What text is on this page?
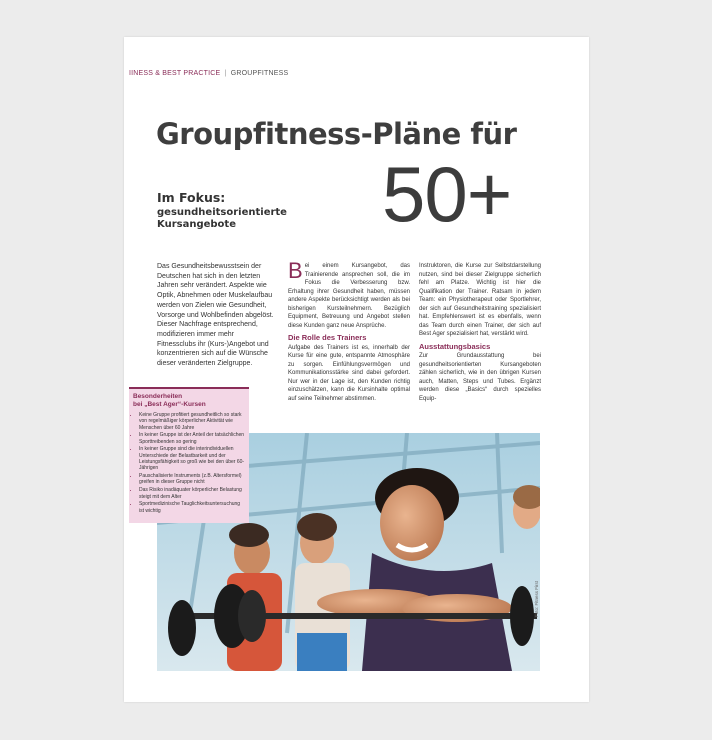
IINESS & BEST PRACTICE | GROUPFITNESS
Groupfitness-Pläne für
50+
Im Fokus:
gesundheitsorientierte Kursangebote
Das Gesundheitsbewusstsein der Deutschen hat sich in den letzten Jahren sehr verändert. Aspekte wie Optik, Abnehmen oder Muskelaufbau werden von Zielen wie Gesundheit, Vorsorge und Wohlbefinden abgelöst. Dieser Nachfrage entsprechend, modifizieren immer mehr Fitnessclubs ihr (Kurs-)Angebot und konzentrieren sich auf die Wünsche dieser veränderten Zielgruppe.

Bei einem Kursangebot, das Trainierende ansprechen soll, die im Fokus die Verbesserung bzw. Erhaltung ihrer Gesundheit haben, müssen andere Aspekte berücksichtigt werden als bei bisherigen Kursteilnehmern. Bezüglich Equipment, Betreuung und Angebot stellen diese Kunden ganz neue Ansprüche.

Die Rolle des Trainers

Aufgabe des Trainers ist es, innerhalb der Kurse für eine gute, entspannte Atmosphäre zu sorgen. Einfühlungsvermögen und Kommunikationsstärke sind dabei gefordert. Nur wer in der Lage ist, den Kunden richtig einzuschätzen, kann die Kursinhalte optimal auf seine Teilnehmer abstimmen.

Instruktoren, die Kurse zur Selbstdarstellung nutzen, sind bei dieser Zielgruppe sicherlich fehl am Platze. Wichtig ist hier die Qualifikation der Trainer. Ratsam in jedem Team: ein Physiotherapeut oder Sportlehrer, der sich auf Gesundheitstraining spezialisiert hat. Empfehlenswert ist es ebenfalls, wenn das Team durch einen Trainer, der sich auf Best Ager spezialisiert hat, verstärkt wird.

Ausstattungsbasics

Zur Grundausstattung bei gesundheitsorientierten Kursangeboten zählen sicherlich, wie in den übrigen Kursen auch, Matten, Steps und Tubes. Ergänzt werden diese „Basics“ durch spezielles Equip-

Foto: Fitness First
Besonderheiten
bei „Best Ager“-Kursen
• Keine Gruppe profitiert gesundheitlich so stark von regelmäßiger körperlicher Aktivität wie Menschen über 60 Jahre
• In keiner Gruppe ist der Anteil der tatsächlichen Sporttreibenden so gering
• In keiner Gruppe sind die interindividuellen Unterschiede der Belastbarkeit und der Leistungsfähigkeit so groß wie bei den über 60-Jährigen
• Pauschalisierte Instruments (z.B. Altersformel) greifen in dieser Gruppe nicht
• Das Risiko inadäquater körperlicher Belastung steigt mit dem Alter
• Sportmedizinische Tauglichkeitsuntersuchung ist wichtig
